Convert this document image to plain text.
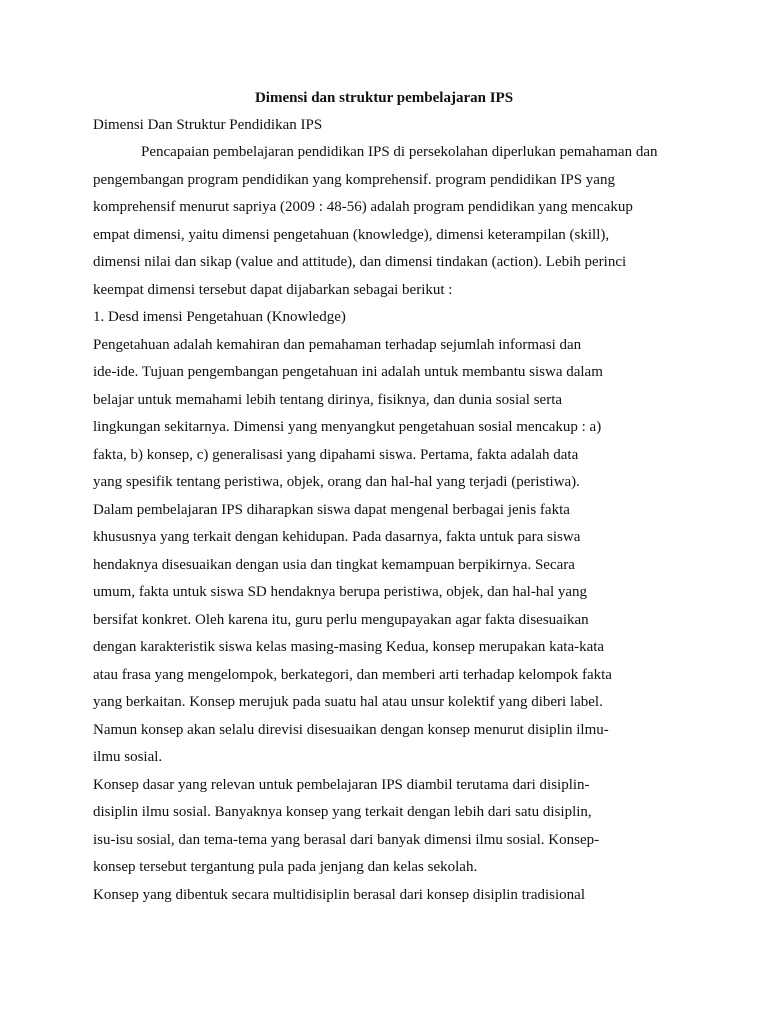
Dimensi dan struktur pembelajaran IPS
Dimensi Dan Struktur Pendidikan IPS
Pencapaian pembelajaran pendidikan IPS di persekolahan diperlukan pemahaman dan
pengembangan program pendidikan yang komprehensif. program pendidikan IPS yang
komprehensif menurut sapriya (2009 : 48-56) adalah program pendidikan yang mencakup
empat dimensi, yaitu dimensi pengetahuan (knowledge), dimensi keterampilan (skill),
dimensi nilai dan sikap (value and attitude), dan dimensi tindakan (action). Lebih perinci
keempat dimensi tersebut dapat dijabarkan sebagai berikut :
1. Desd imensi Pengetahuan (Knowledge)
Pengetahuan adalah kemahiran dan pemahaman terhadap sejumlah informasi dan
ide-ide. Tujuan pengembangan pengetahuan ini adalah untuk membantu siswa dalam
belajar untuk memahami lebih tentang dirinya, fisiknya, dan dunia sosial serta
lingkungan sekitarnya. Dimensi yang menyangkut pengetahuan sosial mencakup : a)
fakta, b) konsep, c) generalisasi yang dipahami siswa. Pertama, fakta adalah data
yang spesifik tentang peristiwa, objek, orang dan hal-hal yang terjadi (peristiwa).
Dalam pembelajaran IPS diharapkan siswa dapat mengenal berbagai jenis fakta
khususnya yang terkait dengan kehidupan. Pada dasarnya, fakta untuk para siswa
hendaknya disesuaikan dengan usia dan tingkat kemampuan berpikirnya. Secara
umum, fakta untuk siswa SD hendaknya berupa peristiwa, objek, dan hal-hal yang
bersifat konkret. Oleh karena itu, guru perlu mengupayakan agar fakta disesuaikan
dengan karakteristik siswa kelas masing-masing Kedua, konsep merupakan kata-kata
atau frasa yang mengelompok, berkategori, dan memberi arti terhadap kelompok fakta
yang berkaitan. Konsep merujuk pada suatu hal atau unsur kolektif yang diberi label.
Namun konsep akan selalu direvisi disesuaikan dengan konsep menurut disiplin ilmu-
ilmu sosial.
Konsep dasar yang relevan untuk pembelajaran IPS diambil terutama dari disiplin-
disiplin ilmu sosial. Banyaknya konsep yang terkait dengan lebih dari satu disiplin,
isu-isu sosial, dan tema-tema yang berasal dari banyak dimensi ilmu sosial. Konsep-
konsep tersebut tergantung pula pada jenjang dan kelas sekolah.
Konsep yang dibentuk secara multidisiplin berasal dari konsep disiplin tradisional
